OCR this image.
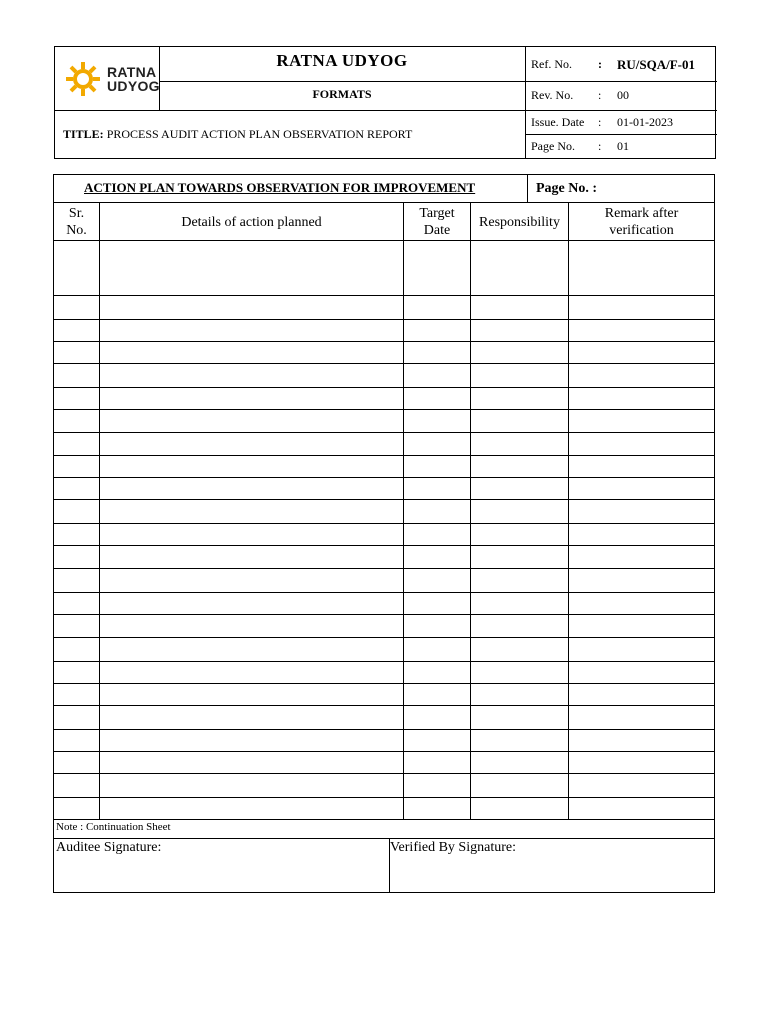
RATNA
UDYOG
RATNA UDYOG
FORMATS
TITLE: PROCESS AUDIT ACTION PLAN OBSERVATION REPORT
Ref. No. : RU/SQA/F-01
Rev. No. : 00
Issue. Date : 01-01-2023
Page No. : 01
ACTION PLAN TOWARDS OBSERVATION FOR IMPROVEMENT	Page No. :
Sr.
No.
Details of action planned
Target
Date
Responsibility
Remark after
verification
Note : Continuation Sheet
Auditee Signature:	Verified By Signature:
